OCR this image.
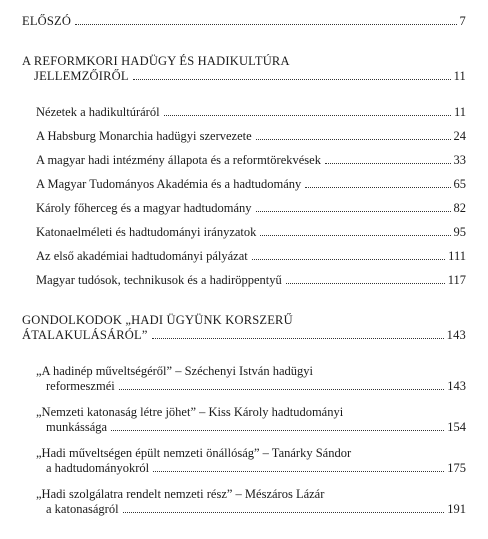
ELŐSZÓ	7
A REFORMKORI HADÜGY ÉS HADIKULTÚRA
JELLEMZŐIRŐL	11
Nézetek a hadikultúráról	11
A Habsburg Monarchia hadügyi szervezete	24
A magyar hadi intézmény állapota és a reformtörekvések	33
A Magyar Tudományos Akadémia és a hadtudomány	65
Károly főherceg és a magyar hadtudomány	82
Katonaelméleti és hadtudományi irányzatok	95
Az első akadémiai hadtudományi pályázat	111
Magyar tudósok, technikusok és a hadiröppentyű	117
GONDOLKODOK „HADI ÜGYÜNK KORSZERŰ
ÁTALAKULÁSÁRÓL”	143
„A hadinép műveltségéről” – Széchenyi István hadügyi
reformeszméi	143
„Nemzeti katonaság létre jöhet” – Kiss Károly hadtudományi
munkássága	154
„Hadi műveltségen épült nemzeti önállóság” – Tanárky Sándor
a hadtudományokról	175
„Hadi szolgálatra rendelt nemzeti rész” – Mészáros Lázár
a katonaságról	191
